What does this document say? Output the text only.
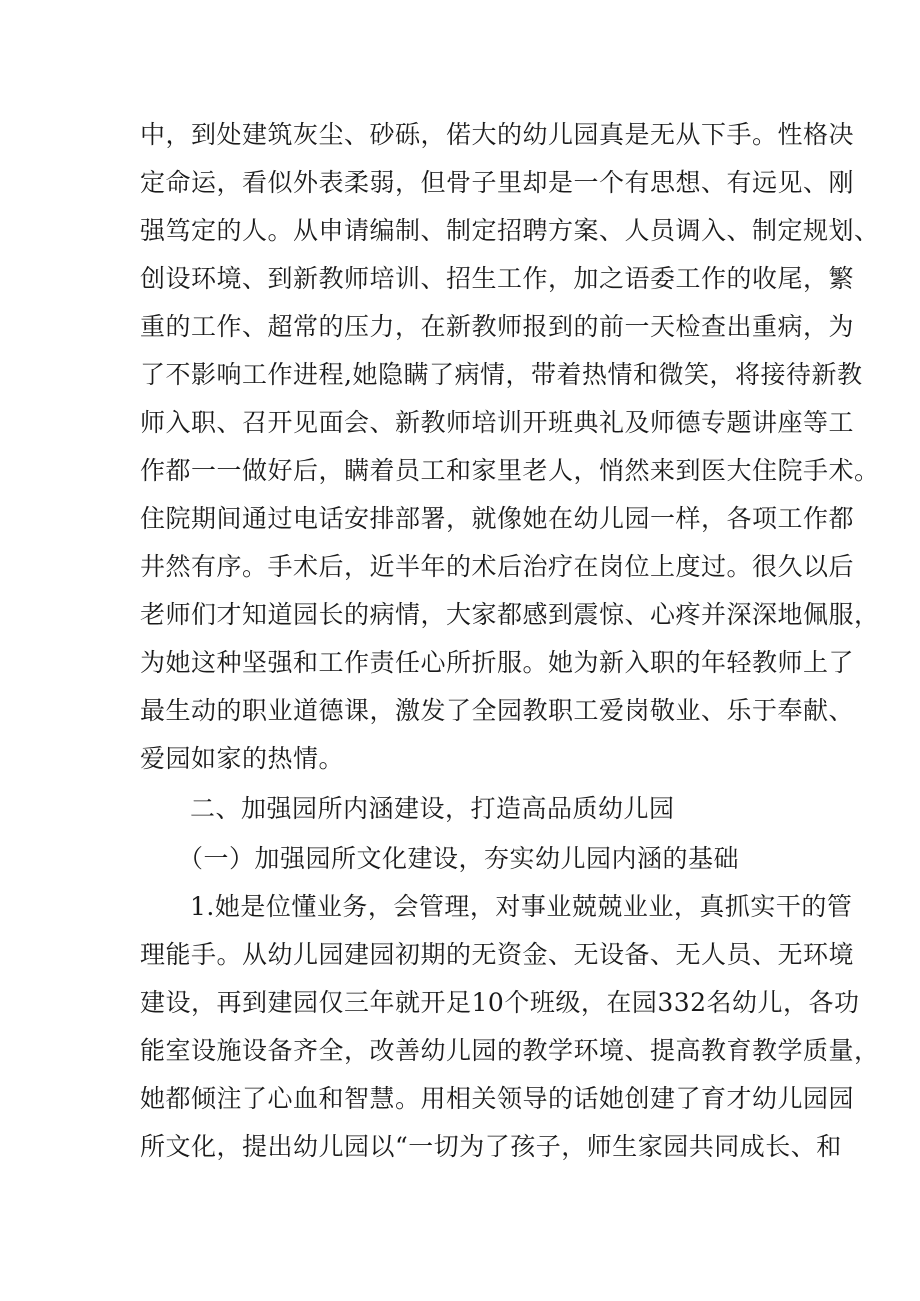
中，到处建筑灰尘、砂砾，偌大的幼儿园真是无从下手。性格决
定命运，看似外表柔弱，但骨子里却是一个有思想、有远见、刚
强笃定的人。从申请编制、制定招聘方案、人员调入、制定规划、
创设环境、到新教师培训、招生工作，加之语委工作的收尾，繁
重的工作、超常的压力，在新教师报到的前一天检查出重病，为
了不影响工作进程,她隐瞒了病情，带着热情和微笑，将接待新教
师入职、召开见面会、新教师培训开班典礼及师德专题讲座等工
作都一一做好后，瞒着员工和家里老人，悄然来到医大住院手术。
住院期间通过电话安排部署，就像她在幼儿园一样，各项工作都
井然有序。手术后，近半年的术后治疗在岗位上度过。很久以后
老师们才知道园长的病情，大家都感到震惊、心疼并深深地佩服，
为她这种坚强和工作责任心所折服。她为新入职的年轻教师上了
最生动的职业道德课，激发了全园教职工爱岗敬业、乐于奉献、
爱园如家的热情。
二、加强园所内涵建设，打造高品质幼儿园
（一）加强园所文化建设，夯实幼儿园内涵的基础
1.她是位懂业务，会管理，对事业兢兢业业，真抓实干的管
理能手。从幼儿园建园初期的无资金、无设备、无人员、无环境
建设，再到建园仅三年就开足10个班级，在园332名幼儿，各功
能室设施设备齐全，改善幼儿园的教学环境、提高教育教学质量，
她都倾注了心血和智慧。用相关领导的话她创建了育才幼儿园园
所文化，提出幼儿园以“一切为了孩子，师生家园共同成长、和
